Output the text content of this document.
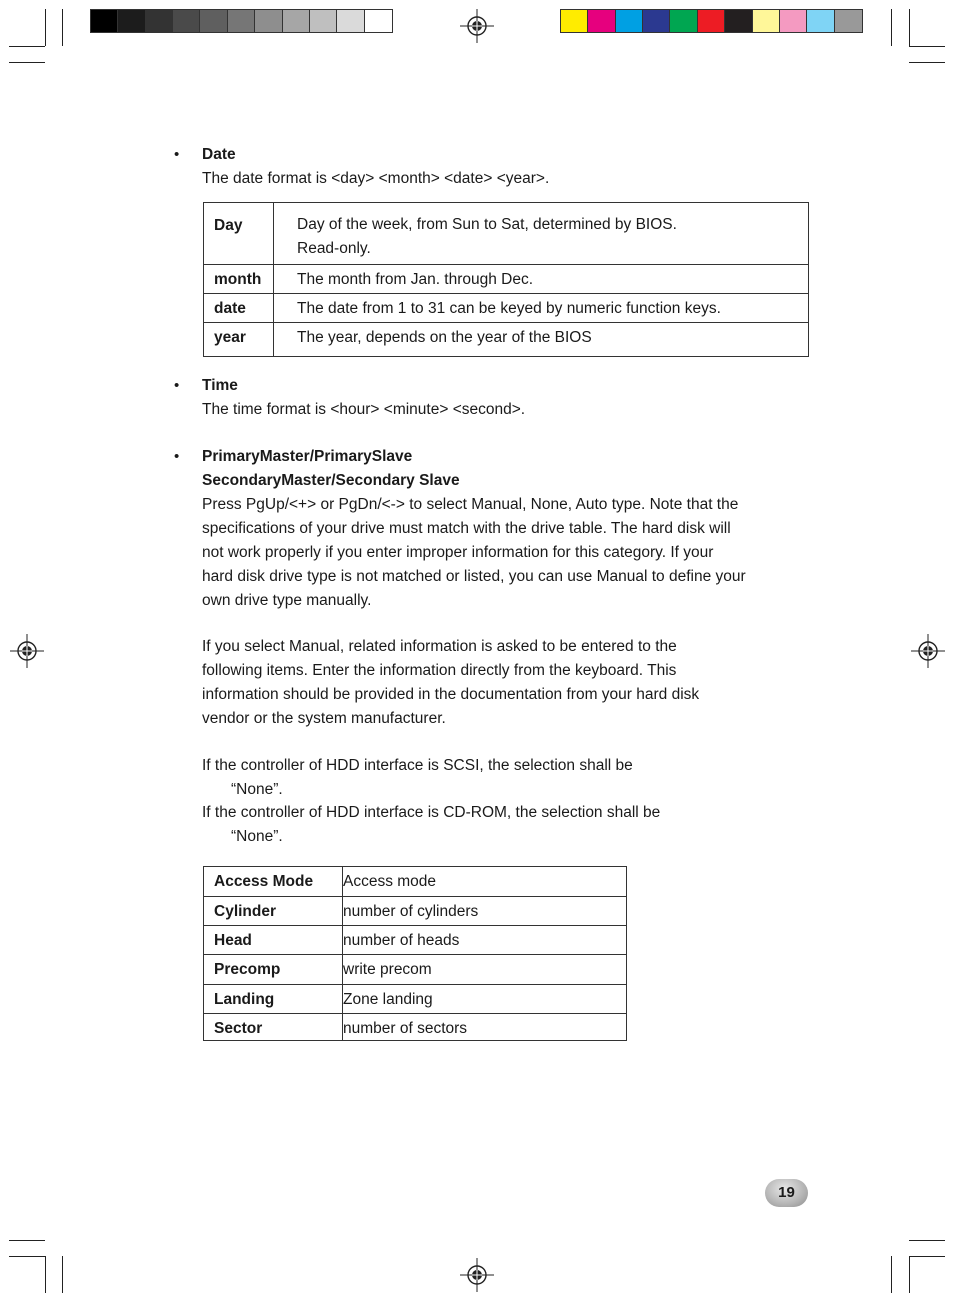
• Date
The date format is <day> <month> <date> <year>.
Day	Day of the week, from Sun to Sat, determined by BIOS.
Read-only.

month	The month from Jan. through Dec.
date	The date from 1 to 31 can be keyed by numeric function keys.
year	The year, depends on the year of the BIOS
• Time
The time format is <hour> <minute> <second>.
• PrimaryMaster/PrimarySlave
SecondaryMaster/Secondary Slave
Press PgUp/<+> or PgDn/<-> to select Manual, None, Auto type. Note that the
specifications of your drive must match with the drive table. The hard disk will
not work properly if you enter improper information for this category. If your
hard disk drive type is not matched or listed, you can use Manual to define your
own drive type manually.
If you select Manual, related information is asked to be entered to the
following items. Enter the information directly from the keyboard. This
information should be provided in the documentation from your hard disk
vendor or the system manufacturer.
If the controller of HDD interface is SCSI, the selection shall be
“None”.
If the controller of HDD interface is CD-ROM, the selection shall be
“None”.
Access Mode	Access mode
Cylinder	number of cylinders
Head	number of heads
Precomp	write precom
Landing	Zone landing
Sector	number of sectors
19
